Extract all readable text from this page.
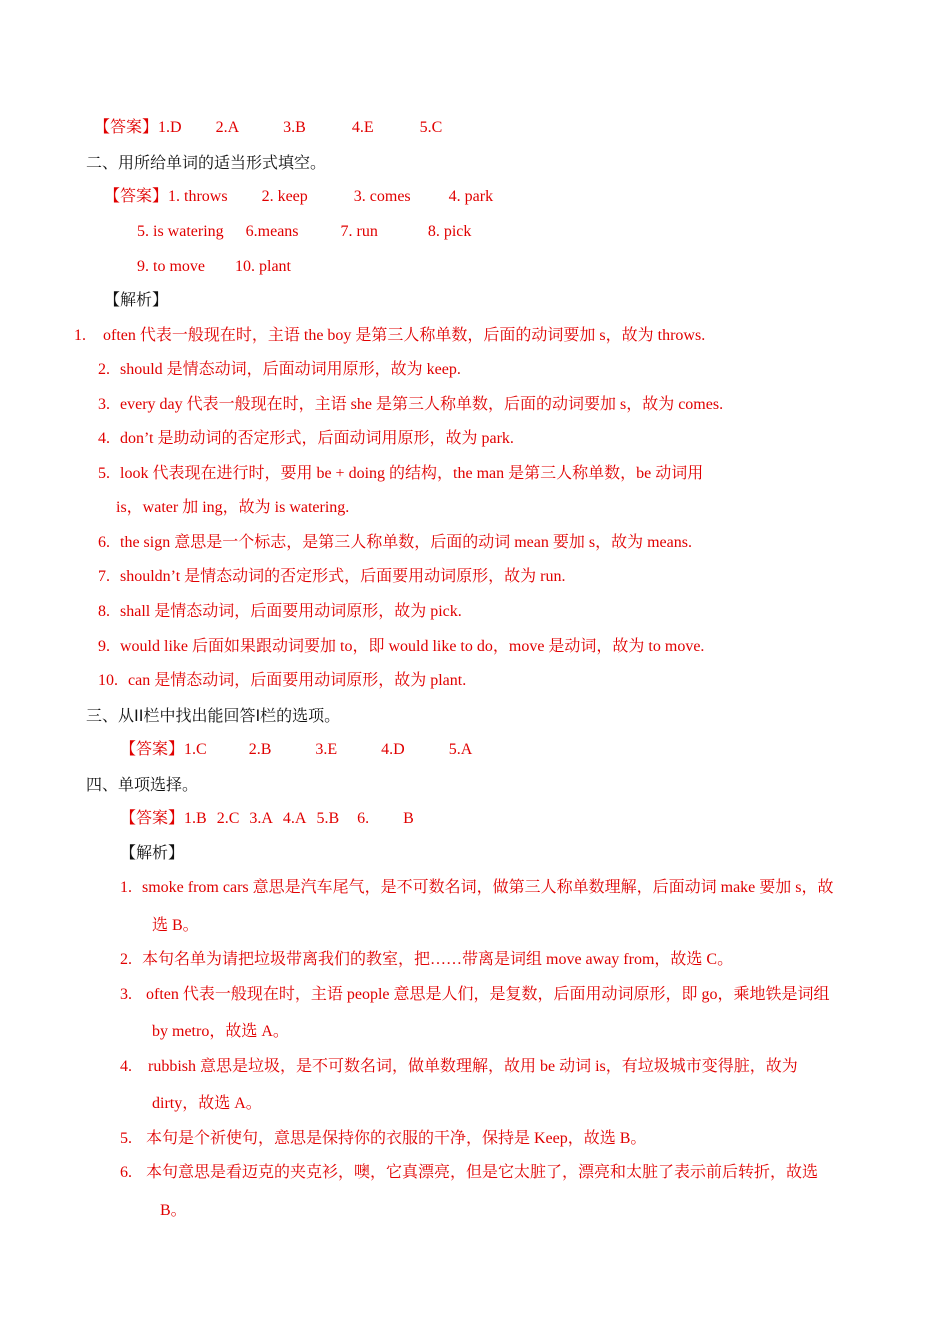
【答案】1.D 2.A	3.B	4.E	5.C
二、用所给单词的适当形式填空。
【答案】1. throws 2. keep	3. comes 4. park
5. is watering 6.means	7. run	8. pick
9. to move 10. plant
【解析】
1. often 代表一般现在时，主语 the boy 是第三人称单数，后面的动词要加 s，故为 throws.
2. should 是情态动词，后面动词用原形，故为 keep.
3. every day 代表一般现在时，主语 she 是第三人称单数，后面的动词要加 s，故为 comes.
4. don’t 是助动词的否定形式，后面动词用原形，故为 park.
5. look 代表现在进行时，要用 be + doing 的结构，the man 是第三人称单数，be 动词用
is，water 加 ing，故为 is watering.
6. the sign 意思是一个标志，是第三人称单数，后面的动词 mean 要加 s，故为 means.
7. shouldn’t 是情态动词的否定形式，后面要用动词原形，故为 run.
8. shall 是情态动词，后面要用动词原形，故为 pick.
9. would like 后面如果跟动词要加 to，即 would like to do，move 是动词，故为 to move.
10. can 是情态动词，后面要用动词原形，故为 plant.
三、从II栏中找出能回答I栏的选项。
【答案】1.C	2.B	3.E	4.D	5.A
四、单项选择。
【答案】1.B 2.C 3.A 4.A 5.B 6. B
【解析】
1. smoke from cars 意思是汽车尾气，是不可数名词，做第三人称单数理解，后面动词 make 要加 s，故
选 B。
2. 本句名单为请把垃圾带离我们的教室，把……带离是词组 move away from，故选 C。
3. often 代表一般现在时，主语 people 意思是人们，是复数，后面用动词原形，即 go，乘地铁是词组
by metro，故选 A。
4. rubbish 意思是垃圾，是不可数名词，做单数理解，故用 be 动词 is，有垃圾城市变得脏，故为
dirty，故选 A。
5. 本句是个祈使句，意思是保持你的衣服的干净，保持是 Keep，故选 B。
6. 本句意思是看迈克的夹克衫，噢，它真漂亮，但是它太脏了，漂亮和太脏了表示前后转折，故选
B。
